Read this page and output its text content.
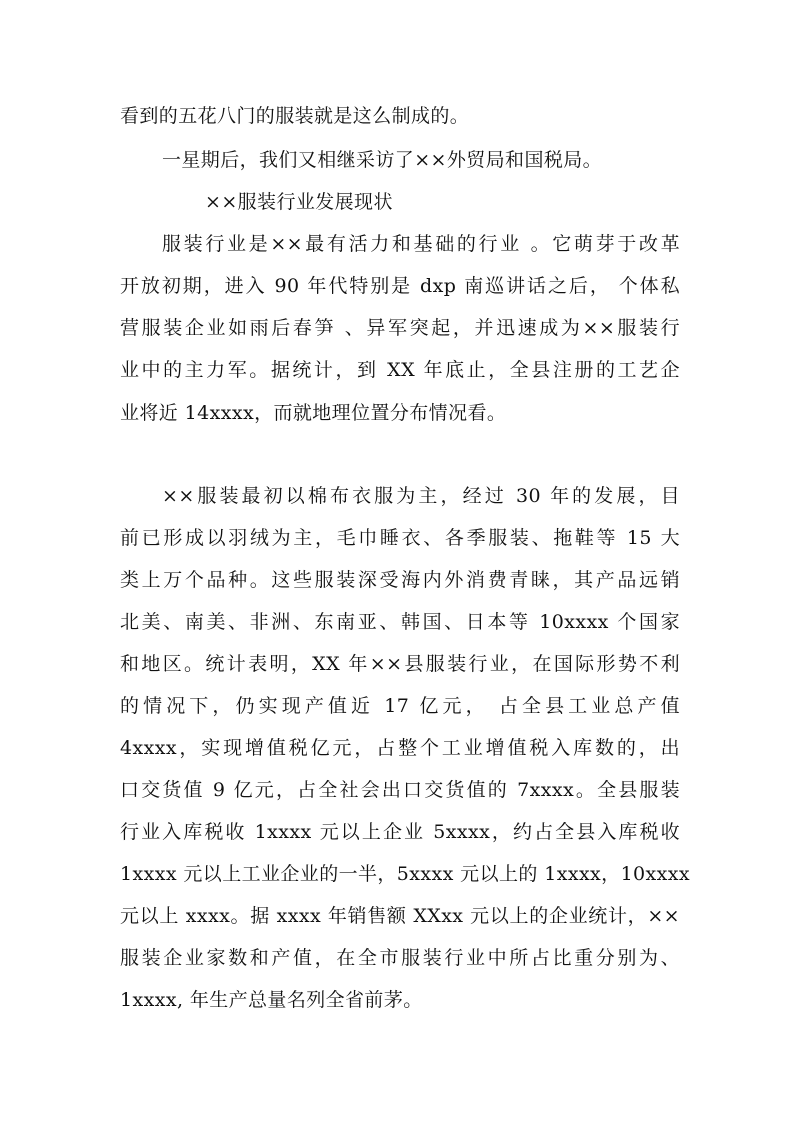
看到的五花八门的服装就是这么制成的。
一星期后，我们又相继采访了××外贸局和国税局。
××服装行业发展现状
服装行业是××最有活力和基础的行业 。它萌芽于改革
开放初期，进入 90 年代特别是 dxp 南巡讲话之后， 个体私
营服装企业如雨后春笋 、异军突起，并迅速成为××服装行
业中的主力军。据统计，到 XX 年底止，全县注册的工艺企
业将近 14xxxx，而就地理位置分布情况看。
××服装最初以棉布衣服为主，经过 30 年的发展，目
前已形成以羽绒为主，毛巾睡衣、各季服装、拖鞋等 15 大
类上万个品种。这些服装深受海内外消费青睐，其产品远销
北美、南美、非洲、东南亚、韩国、日本等 10xxxx 个国家
和地区。统计表明，XX 年××县服装行业，在国际形势不利
的情况下，仍实现产值近 17 亿元， 占全县工业总产值
4xxxx，实现增值税亿元，占整个工业增值税入库数的，出
口交货值 9 亿元，占全社会出口交货值的 7xxxx。全县服装
行业入库税收 1xxxx 元以上企业 5xxxx，约占全县入库税收
1xxxx 元以上工业企业的一半，5xxxx 元以上的 1xxxx，10xxxx
元以上 xxxx。据 xxxx 年销售额 XXxx 元以上的企业统计，××
服装企业家数和产值，在全市服装行业中所占比重分别为、
1xxxx, 年生产总量名列全省前茅。
